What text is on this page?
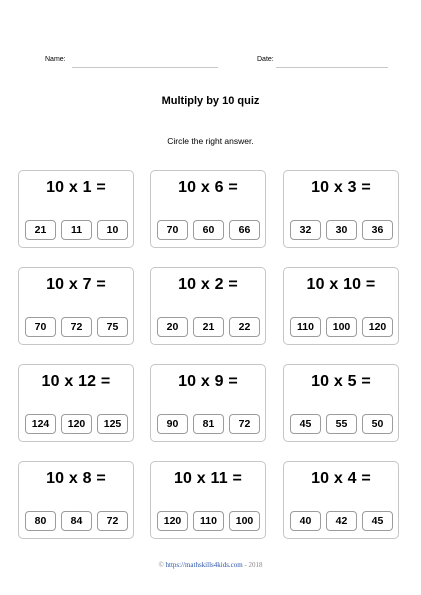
Name:	Date:
Multiply by 10 quiz
Circle the right answer.
10 x 1 =
21	11	10
10 x 6 =
70	60	66
10 x 3 =
32	30	36
10 x 7 =
70	72	75
10 x 2 =
20	21	22
10 x 10 =
110	100	120
10 x 12 =
124	120	125
10 x 9 =
90	81	72
10 x 5 =
45	55	50
10 x 8 =
80	84	72
10 x 11 =
120	110	100
10 x 4 =
40	42	45
© https://mathskills4kids.com - 2018
